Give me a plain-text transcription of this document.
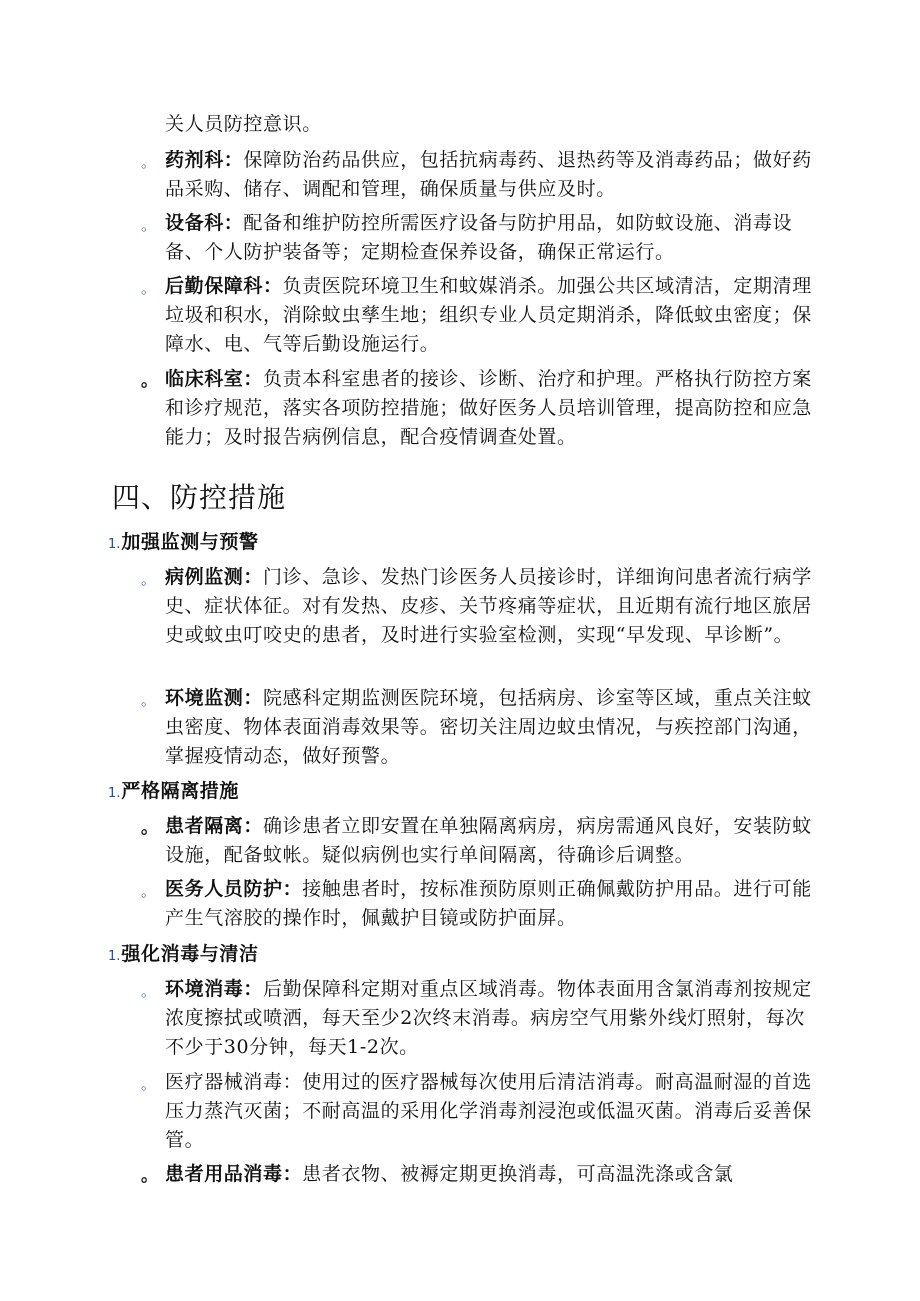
关人员防控意识。
。 药剂科：保障防治药品供应，包括抗病毒药、退热药等及消毒药品；做好药品采购、储存、调配和管理，确保质量与供应及时。
。 设备科：配备和维护防控所需医疗设备与防护用品，如防蚊设施、消毒设备、个人防护装备等；定期检查保养设备，确保正常运行。
。 后勤保障科：负责医院环境卫生和蚊媒消杀。加强公共区域清洁，定期清理垃圾和积水，消除蚊虫孳生地；组织专业人员定期消杀，降低蚊虫密度；保障水、电、气等后勤设施运行。
。 临床科室：负责本科室患者的接诊、诊断、治疗和护理。严格执行防控方案和诊疗规范，落实各项防控措施；做好医务人员培训管理，提高防控和应急能力；及时报告病例信息，配合疫情调查处置。
四、防控措施
1.加强监测与预警
。 病例监测：门诊、急诊、发热门诊医务人员接诊时，详细询问患者流行病学史、症状体征。对有发热、皮疹、关节疼痛等症状，且近期有流行地区旅居史或蚊虫叮咬史的患者，及时进行实验室检测，实现“早发现、早诊断”。
。 环境监测：院感科定期监测医院环境，包括病房、诊室等区域，重点关注蚊虫密度、物体表面消毒效果等。密切关注周边蚊虫情况，与疾控部门沟通，掌握疫情动态，做好预警。
1.严格隔离措施
。 患者隔离：确诊患者立即安置在单独隔离病房，病房需通风良好，安装防蚊设施，配备蚊帐。疑似病例也实行单间隔离，待确诊后调整。
。 医务人员防护：接触患者时，按标准预防原则正确佩戴防护用品。进行可能产生气溶胶的操作时，佩戴护目镜或防护面屏。
1.强化消毒与清洁
。 环境消毒：后勤保障科定期对重点区域消毒。物体表面用含氯消毒剂按规定浓度擦拭或喷洒，每天至少2次终末消毒。病房空气用紫外线灯照射，每次不少于30分钟，每天1-2次。
。 医疗器械消毒：使用过的医疗器械每次使用后清洁消毒。耐高温耐湿的首选压力蒸汽灭菌；不耐高温的采用化学消毒剂浸泡或低温灭菌。消毒后妥善保管。
。 患者用品消毒：患者衣物、被褥定期更换消毒，可高温洗涤或含氯
